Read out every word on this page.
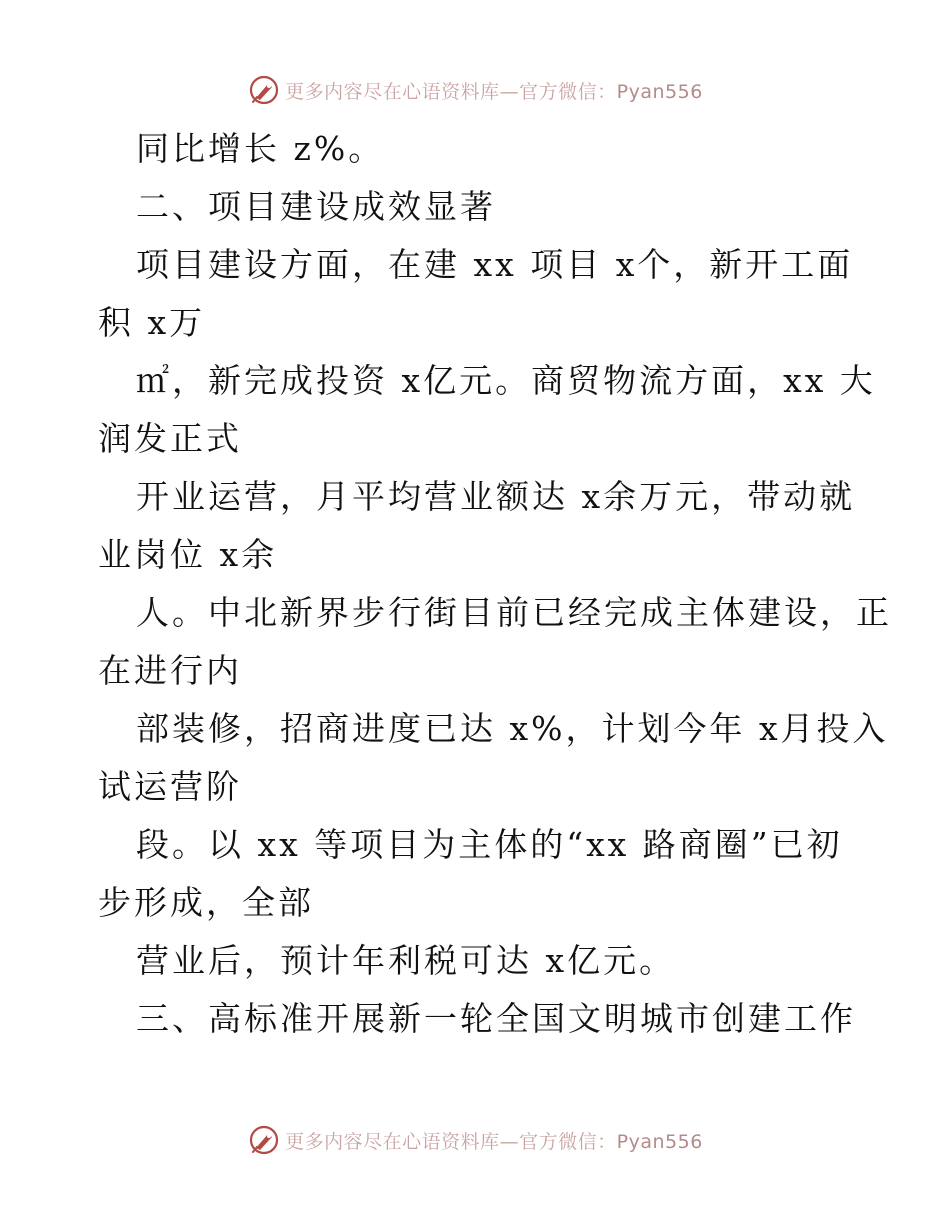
更多内容尽在心语资料库—官方微信：Pyan556
同比增长 z%。
二、项目建设成效显著
项目建设方面，在建 xx 项目 x个，新开工面
积 x万
㎡，新完成投资 x亿元。商贸物流方面，xx 大
润发正式
开业运营，月平均营业额达 x余万元，带动就
业岗位 x余
人。中北新界步行街目前已经完成主体建设，正
在进行内
部装修，招商进度已达 x%，计划今年 x月投入
试运营阶
段。以 xx 等项目为主体的“xx 路商圈”已初
步形成，全部
营业后，预计年利税可达 x亿元。
三、高标准开展新一轮全国文明城市创建工作
更多内容尽在心语资料库—官方微信：Pyan556
